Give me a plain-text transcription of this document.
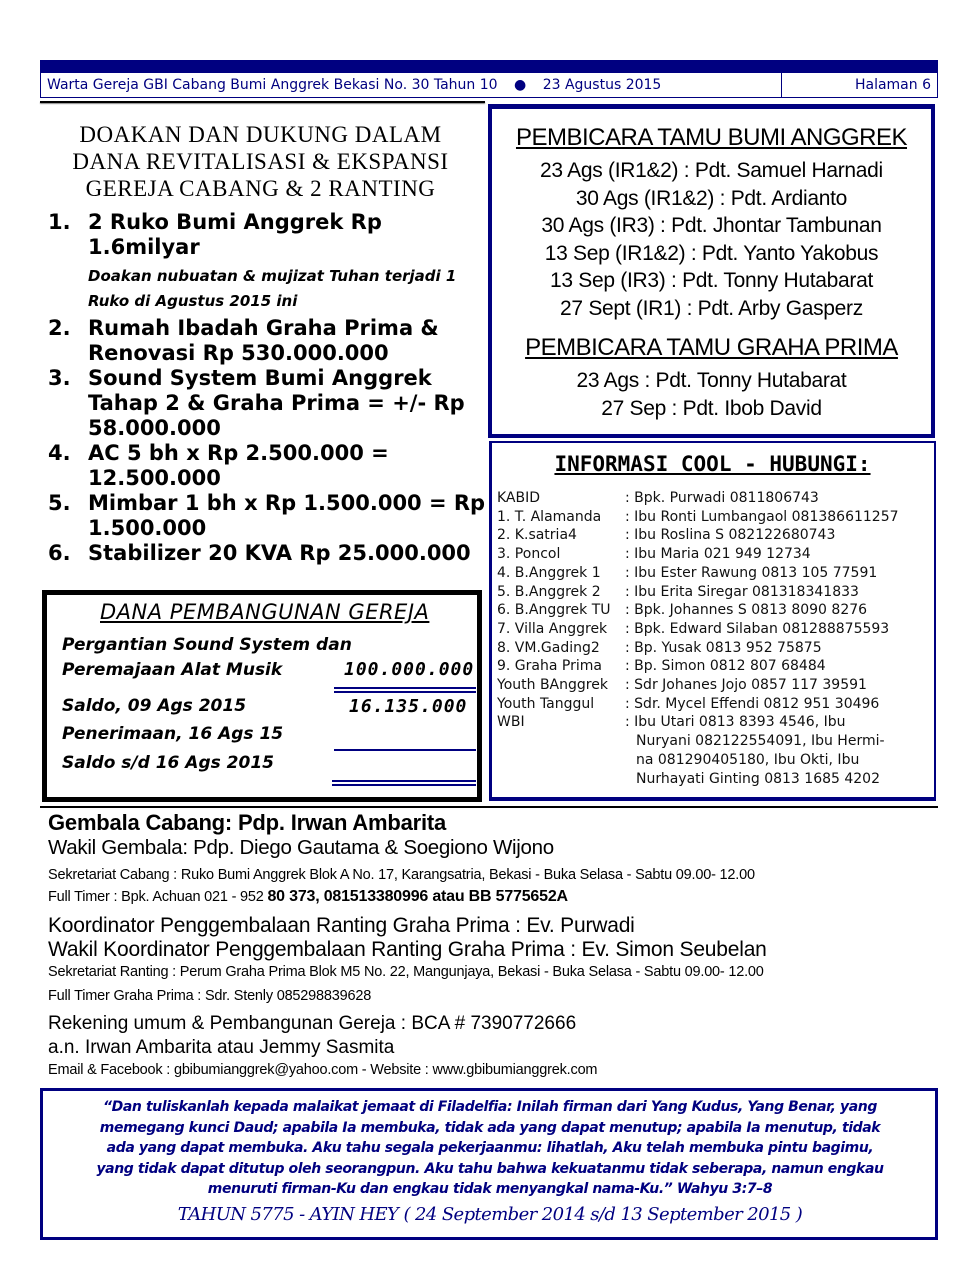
Warta Gereja GBI Cabang Bumi Anggrek Bekasi No. 30 Tahun 10 ● 23 Agustus 2015	Halaman 6
DOAKAN DAN DUKUNG DALAM
DANA REVITALISASI & EKSPANSI
GEREJA CABANG & 2 RANTING
1. 2 Ruko Bumi Anggrek Rp 1.6milyar
Doakan nubuatan & mujizat Tuhan terjadi 1 Ruko di Agustus 2015 ini
2. Rumah Ibadah Graha Prima & Renovasi Rp 530.000.000
3. Sound System Bumi Anggrek Tahap 2 & Graha Prima = +/- Rp 58.000.000
4. AC 5 bh x Rp 2.500.000 = 12.500.000
5. Mimbar 1 bh x Rp 1.500.000 = Rp 1.500.000
6. Stabilizer 20 KVA Rp 25.000.000
DANA PEMBANGUNAN GEREJA
Pergantian Sound System dan
Peremajaan Alat Musik	100.000.000
Saldo, 09 Ags 2015	16.135.000
Penerimaan, 16 Ags 15
Saldo s/d 16 Ags 2015
PEMBICARA TAMU BUMI ANGGREK
23 Ags (IR1&2) : Pdt. Samuel Harnadi
30 Ags (IR1&2) : Pdt. Ardianto
30 Ags (IR3) : Pdt. Jhontar Tambunan
13 Sep (IR1&2) : Pdt. Yanto Yakobus
13 Sep (IR3) : Pdt. Tonny Hutabarat
27 Sept (IR1) : Pdt. Arby Gasperz
PEMBICARA TAMU GRAHA PRIMA
23 Ags : Pdt. Tonny Hutabarat
27 Sep : Pdt. Ibob David
INFORMASI COOL - HUBUNGI:
KABID	: Bpk. Purwadi 0811806743
1. T. Alamanda	: Ibu Ronti Lumbangaol 081386611257
2. K.satria4	: Ibu Roslina S 082122680743
3. Poncol	: Ibu Maria 021 949 12734
4. B.Anggrek 1	: Ibu Ester Rawung 0813 105 77591
5. B.Anggrek 2	: Ibu Erita Siregar 081318341833
6. B.Anggrek TU	: Bpk. Johannes S 0813 8090 8276
7. Villa Anggrek	: Bpk. Edward Silaban 081288875593
8. VM.Gading2	: Bp. Yusak 0813 952 75875
9. Graha Prima	: Bp. Simon 0812 807 68484
Youth BAnggrek	: Sdr Johanes Jojo 0857 117 39591
Youth Tanggul	: Sdr. Mycel Effendi 0812 951 30496
WBI	: Ibu Utari 0813 8393 4546, Ibu
Nuryani 082122554091, Ibu Hermi-
na 081290405180, Ibu Okti, Ibu
Nurhayati Ginting 0813 1685 4202
Gembala Cabang: Pdp. Irwan Ambarita
Wakil Gembala: Pdp. Diego Gautama & Soegiono Wijono
Sekretariat Cabang : Ruko Bumi Anggrek Blok A No. 17, Karangsatria, Bekasi - Buka Selasa - Sabtu 09.00- 12.00
Full Timer : Bpk. Achuan 021 - 952 80 373, 081513380996 atau BB 5775652A
Koordinator Penggembalaan Ranting Graha Prima : Ev. Purwadi
Wakil Koordinator Penggembalaan Ranting Graha Prima : Ev. Simon Seubelan
Sekretariat Ranting : Perum Graha Prima Blok M5 No. 22, Mangunjaya, Bekasi - Buka Selasa - Sabtu 09.00- 12.00
Full Timer Graha Prima : Sdr. Stenly 085298839628
Rekening umum & Pembangunan Gereja : BCA # 7390772666
a.n. Irwan Ambarita atau Jemmy Sasmita
Email & Facebook : gbibumianggrek@yahoo.com - Website : www.gbibumianggrek.com
“Dan tuliskanlah kepada malaikat jemaat di Filadelfia: Inilah firman dari Yang Kudus, Yang Benar, yang
memegang kunci Daud; apabila Ia membuka, tidak ada yang dapat menutup; apabila Ia menutup, tidak
ada yang dapat membuka. Aku tahu segala pekerjaanmu: lihatlah, Aku telah membuka pintu bagimu,
yang tidak dapat ditutup oleh seorangpun. Aku tahu bahwa kekuatanmu tidak seberapa, namun engkau
menuruti firman-Ku dan engkau tidak menyangkal nama-Ku.” Wahyu 3:7–8
TAHUN 5775 - AYIN HEY ( 24 September 2014 s/d 13 September 2015 )
